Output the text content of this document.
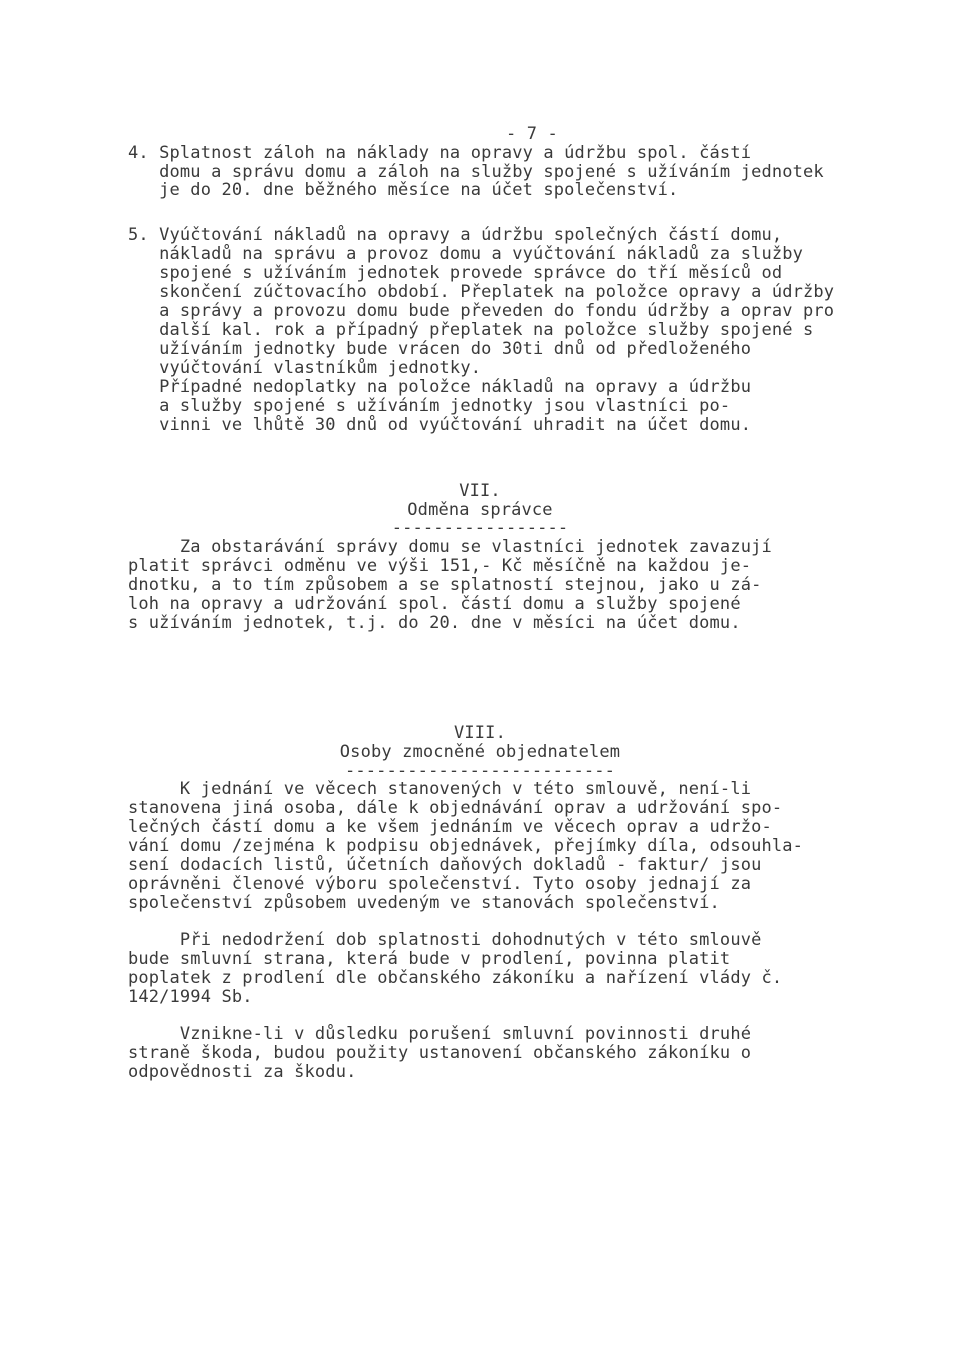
- 7 -
4. Splatnost záloh na náklady na opravy a údržbu spol. částí
domu a správu domu a záloh na služby spojené s užíváním jednotek
je do 20. dne běžného měsíce na účet společenství.
5. Vyúčtování nákladů na opravy a údržbu společných částí domu,
nákladů na správu a provoz domu a vyúčtování nákladů za služby
spojené s užíváním jednotek provede správce do tří měsíců od
skončení zúčtovacího období. Přeplatek na položce opravy a údržby
a správy a provozu domu bude převeden do fondu údržby a oprav pro
další kal. rok a případný přeplatek na položce služby spojené s
užíváním jednotky bude vrácen do 30ti dnů od předloženého
vyúčtování vlastníkům jednotky.
Případné nedoplatky na položce nákladů na opravy a údržbu
a služby spojené s užíváním jednotky jsou vlastníci po-
vinni ve lhůtě 30 dnů od vyúčtování uhradit na účet domu.
VII.
Odměna správce
-----------------
Za obstarávání správy domu se vlastníci jednotek zavazují
platit správci odměnu ve výši 151,- Kč měsíčně na každou je-
dnotku, a to tím způsobem a se splatností stejnou, jako u zá-
loh na opravy a udržování spol. částí domu a služby spojené
s užíváním jednotek, t.j. do 20. dne v měsíci na účet domu.
VIII.
Osoby zmocněné objednatelem
--------------------------
K jednání ve věcech stanovených v této smlouvě, není-li
stanovena jiná osoba, dále k objednávání oprav a udržování spo-
lečných částí domu a ke všem jednáním ve věcech oprav a udržo-
vání domu /zejména k podpisu objednávek, přejímky díla, odsouhla-
sení dodacích listů, účetních daňových dokladů - faktur/ jsou
oprávněni členové výboru společenství. Tyto osoby jednají za
společenství způsobem uvedeným ve stanovách společenství.
Při nedodržení dob splatnosti dohodnutých v této smlouvě
bude smluvní strana, která bude v prodlení, povinna platit
poplatek z prodlení dle občanského zákoníku a nařízení vlády č.
142/1994 Sb.
Vznikne-li v důsledku porušení smluvní povinnosti druhé
straně škoda, budou použity ustanovení občanského zákoníku o
odpovědnosti za škodu.
